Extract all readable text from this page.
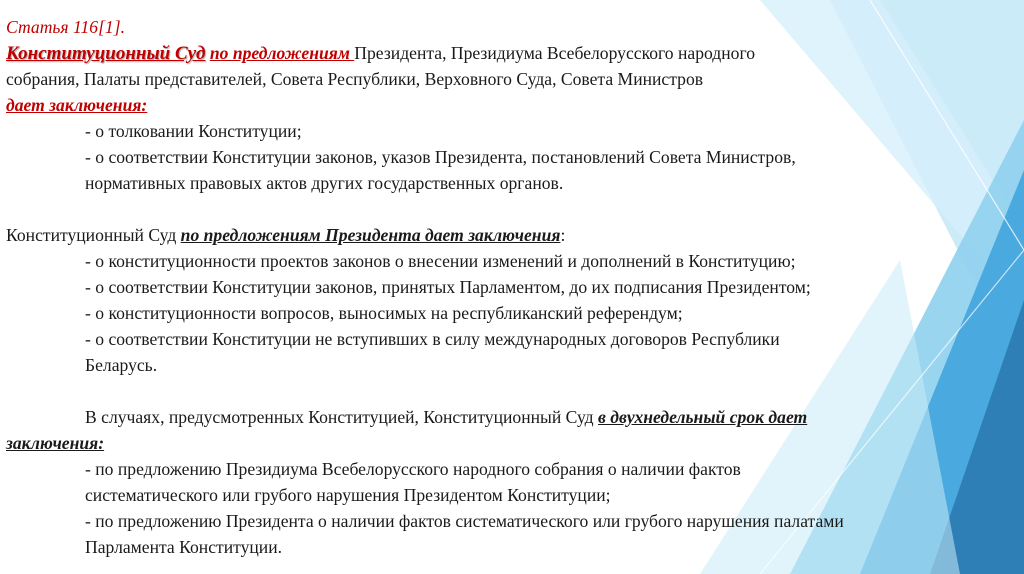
Статья 116[1].
Конституционный Суд по предложениям Президента, Президиума Всебелорусского народного
собрания, Палаты представителей, Совета Республики, Верховного Суда, Совета Министров
дает заключения:
- о толковании Конституции;
- о соответствии Конституции законов, указов Президента, постановлений Совета Министров,
нормативных правовых актов других государственных органов.
Конституционный Суд по предложениям Президента дает заключения:
- о конституционности проектов законов о внесении изменений и дополнений в Конституцию;
- о соответствии Конституции законов, принятых Парламентом, до их подписания Президентом;
- о конституционности вопросов, выносимых на республиканский референдум;
- о соответствии Конституции не вступивших в силу международных договоров Республики
Беларусь.
В случаях, предусмотренных Конституцией, Конституционный Суд в двухнедельный срок дает
заключения:
- по предложению Президиума Всебелорусского народного собрания о наличии фактов
систематического или грубого нарушения Президентом Конституции;
- по предложению Президента о наличии фактов систематического или грубого нарушения палатами
Парламента Конституции.
